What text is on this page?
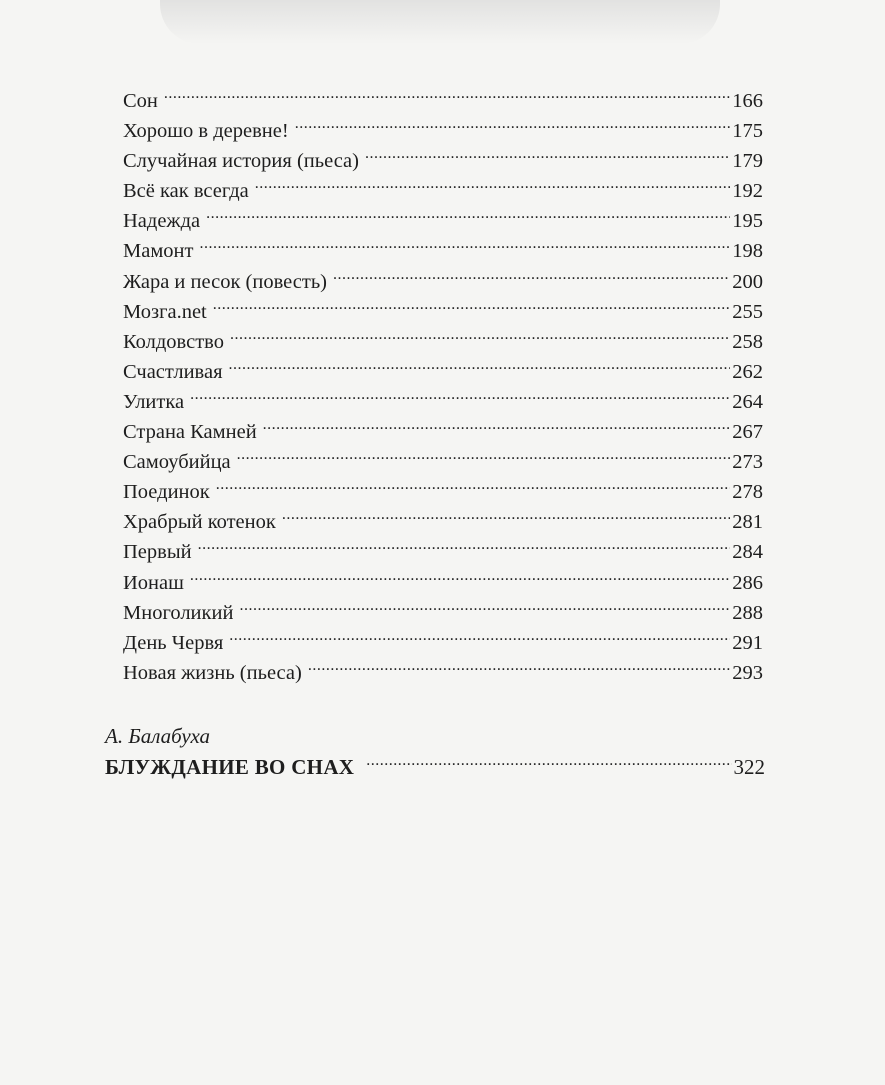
Сон .....	166
Хорошо в деревне! .....	175
Случайная история (пьеса) .....	179
Всё как всегда .....	192
Надежда .....	195
Мамонт .....	198
Жара и песок (повесть) .....	200
Мозга.net .....	255
Колдовство .....	258
Счастливая .....	262
Улитка .....	264
Страна Камней .....	267
Самоубийца .....	273
Поединок .....	278
Храбрый котенок .....	281
Первый .....	284
Ионаш .....	286
Многоликий .....	288
День Червя .....	291
Новая жизнь (пьеса) .....	293
А. Балабуха
БЛУЖДАНИЕ ВО СНАХ .....	322
